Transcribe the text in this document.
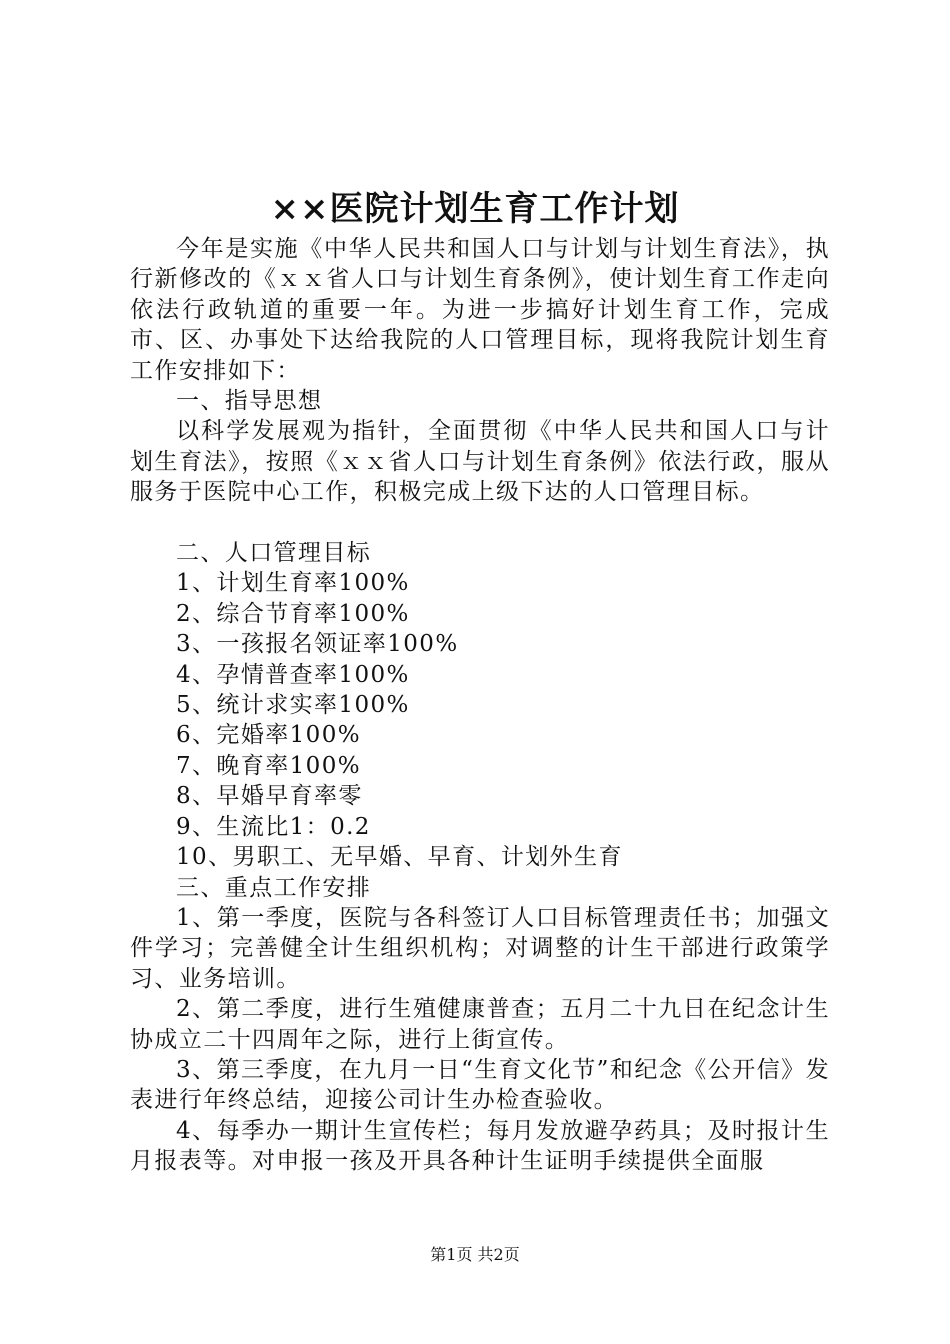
××医院计划生育工作计划

今年是实施《中华人民共和国人口与计划与计划生育法》，执行新修改的《ｘｘ省人口与计划生育条例》，使计划生育工作走向依法行政轨道的重要一年。为进一步搞好计划生育工作，完成市、区、办事处下达给我院的人口管理目标，现将我院计划生育工作安排如下：

一、指导思想

以科学发展观为指针，全面贯彻《中华人民共和国人口与计划生育法》，按照《ｘｘ省人口与计划生育条例》依法行政，服从服务于医院中心工作，积极完成上级下达的人口管理目标。

二、人口管理目标

1、计划生育率100%

2、综合节育率100%

3、一孩报名领证率100%

4、孕情普查率100%

5、统计求实率100%

6、完婚率100%

7、晚育率100%

8、早婚早育率零

9、生流比1：0.2

10、男职工、无早婚、早育、计划外生育

三、重点工作安排

1、第一季度，医院与各科签订人口目标管理责任书；加强文件学习；完善健全计生组织机构；对调整的计生干部进行政策学习、业务培训。

2、第二季度，进行生殖健康普查；五月二十九日在纪念计生协成立二十四周年之际，进行上街宣传。

3、第三季度，在九月一日“生育文化节”和纪念《公开信》发表进行年终总结，迎接公司计生办检查验收。

4、每季办一期计生宣传栏；每月发放避孕药具；及时报计生月报表等。对申报一孩及开具各种计生证明手续提供全面服

第1页 共2页
